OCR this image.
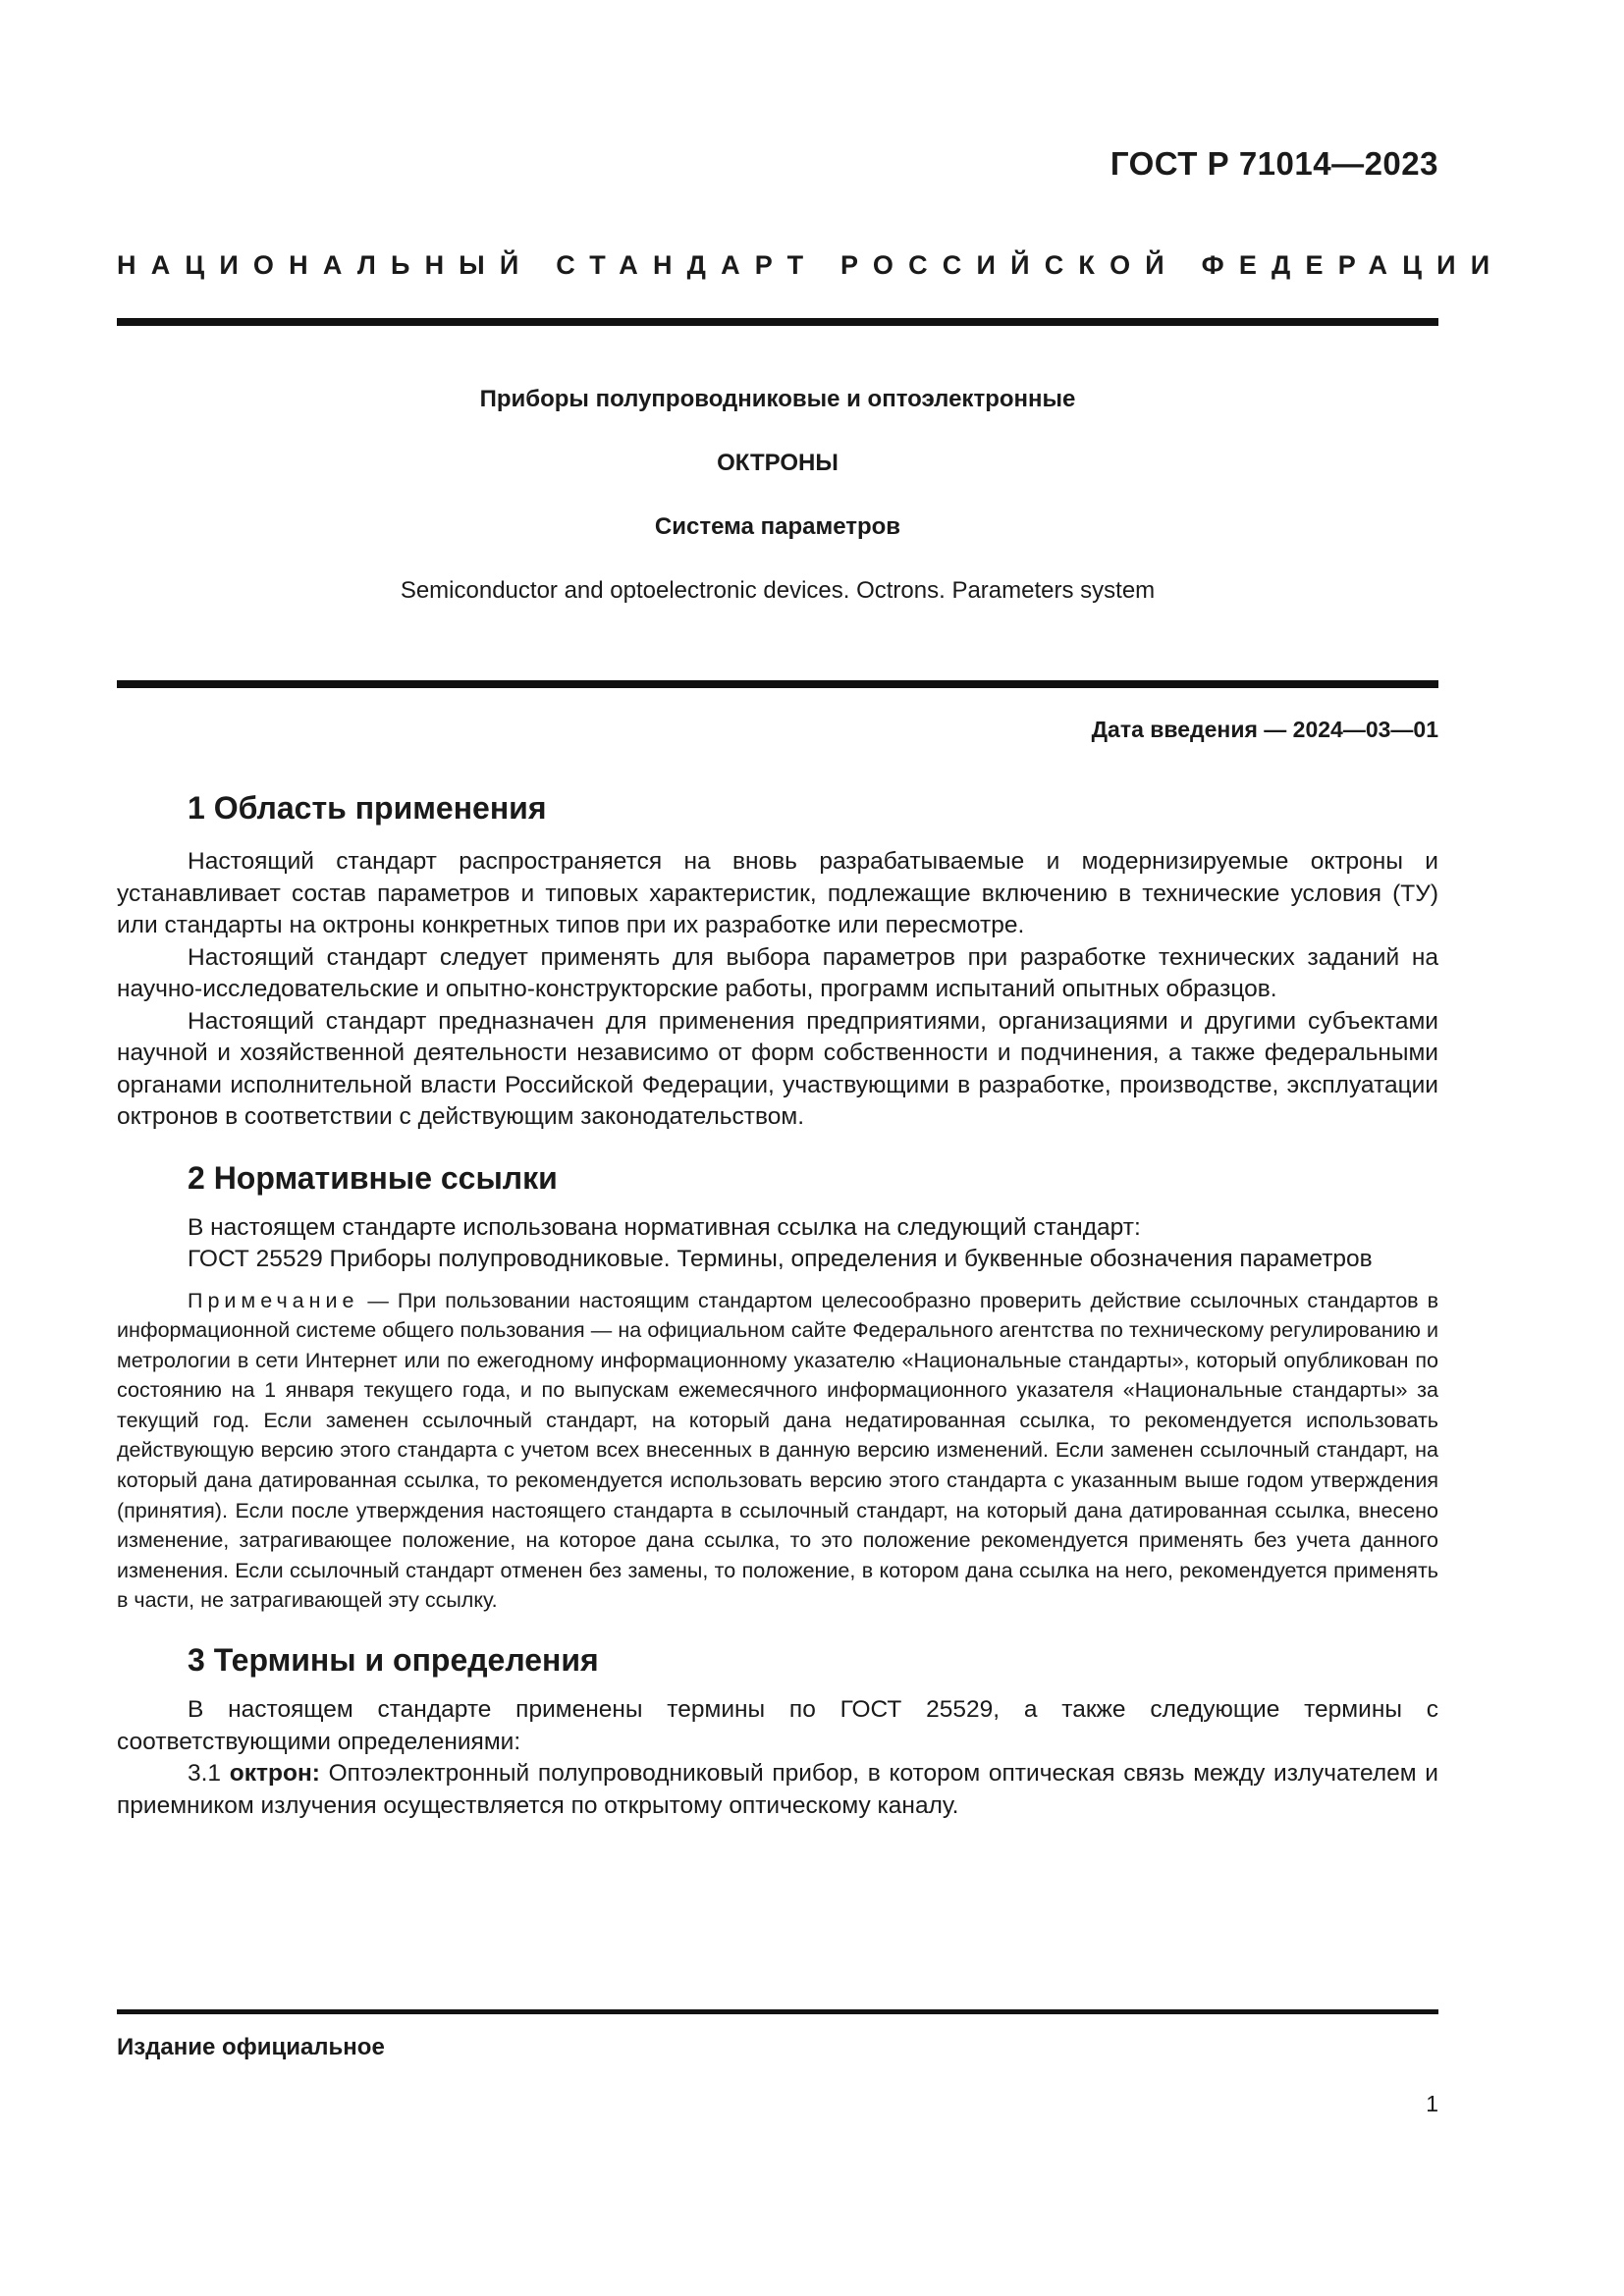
ГОСТ Р 71014—2023
НАЦИОНАЛЬНЫЙ СТАНДАРТ РОССИЙСКОЙ ФЕДЕРАЦИИ
Приборы полупроводниковые и оптоэлектронные
ОКТРОНЫ
Система параметров
Semiconductor and optoelectronic devices. Octrons. Parameters system
Дата введения — 2024—03—01
1 Область применения

Настоящий стандарт распространяется на вновь разрабатываемые и модернизируемые октроны и устанавливает состав параметров и типовых характеристик, подлежащие включению в технические условия (ТУ) или стандарты на октроны конкретных типов при их разработке или пересмотре.

Настоящий стандарт следует применять для выбора параметров при разработке технических заданий на научно-исследовательские и опытно-конструкторские работы, программ испытаний опытных образцов.

Настоящий стандарт предназначен для применения предприятиями, организациями и другими субъектами научной и хозяйственной деятельности независимо от форм собственности и подчинения, а также федеральными органами исполнительной власти Российской Федерации, участвующими в разработке, производстве, эксплуатации октронов в соответствии с действующим законодательством.

2 Нормативные ссылки

В настоящем стандарте использована нормативная ссылка на следующий стандарт:

ГОСТ 25529 Приборы полупроводниковые. Термины, определения и буквенные обозначения параметров

Примечание — При пользовании настоящим стандартом целесообразно проверить действие ссылочных стандартов в информационной системе общего пользования — на официальном сайте Федерального агентства по техническому регулированию и метрологии в сети Интернет или по ежегодному информационному указателю «Национальные стандарты», который опубликован по состоянию на 1 января текущего года, и по выпускам ежемесячного информационного указателя «Национальные стандарты» за текущий год. Если заменен ссылочный стандарт, на который дана недатированная ссылка, то рекомендуется использовать действующую версию этого стандарта с учетом всех внесенных в данную версию изменений. Если заменен ссылочный стандарт, на который дана датированная ссылка, то рекомендуется использовать версию этого стандарта с указанным выше годом утверждения (принятия). Если после утверждения настоящего стандарта в ссылочный стандарт, на который дана датированная ссылка, внесено изменение, затрагивающее положение, на которое дана ссылка, то это положение рекомендуется применять без учета данного изменения. Если ссылочный стандарт отменен без замены, то положение, в котором дана ссылка на него, рекомендуется применять в части, не затрагивающей эту ссылку.

3 Термины и определения

В настоящем стандарте применены термины по ГОСТ 25529, а также следующие термины с соответствующими определениями:

3.1 октрон: Оптоэлектронный полупроводниковый прибор, в котором оптическая связь между излучателем и приемником излучения осуществляется по открытому оптическому каналу.

Издание официальное
1
